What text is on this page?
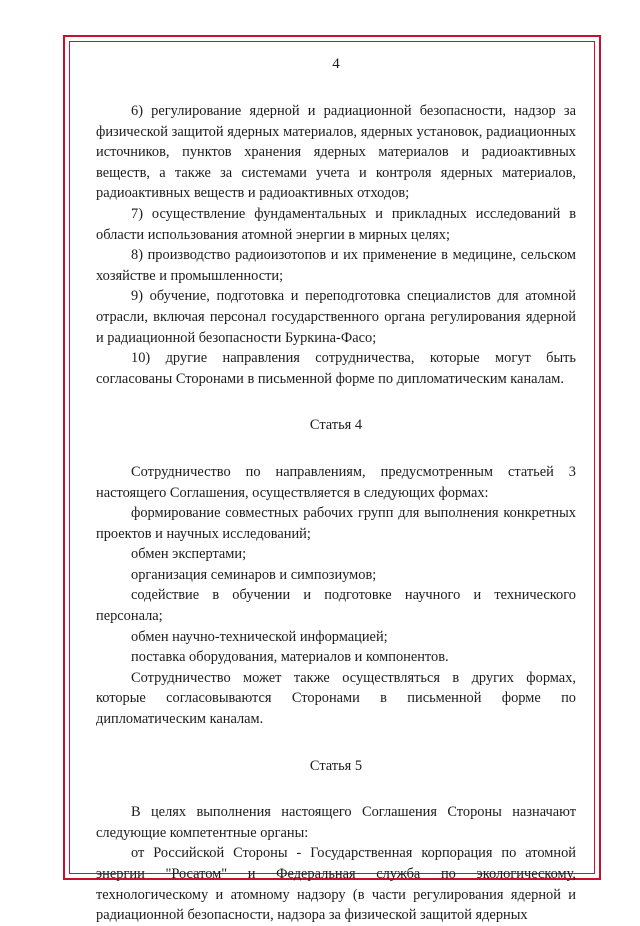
4

6) регулирование ядерной и радиационной безопасности, надзор за физической защитой ядерных материалов, ядерных установок, радиационных источников, пунктов хранения ядерных материалов и радиоактивных веществ, а также за системами учета и контроля ядерных материалов, радиоактивных веществ и радиоактивных отходов;

7) осуществление фундаментальных и прикладных исследований в области использования атомной энергии в мирных целях;

8) производство радиоизотопов и их применение в медицине, сельском хозяйстве и промышленности;

9) обучение, подготовка и переподготовка специалистов для атомной отрасли, включая персонал государственного органа регулирования ядерной и радиационной безопасности Буркина-Фасо;

10) другие направления сотрудничества, которые могут быть согласованы Сторонами в письменной форме по дипломатическим каналам.

Статья 4

Сотрудничество по направлениям, предусмотренным статьей 3 настоящего Соглашения, осуществляется в следующих формах:

формирование совместных рабочих групп для выполнения конкретных проектов и научных исследований;

обмен экспертами;

организация семинаров и симпозиумов;

содействие в обучении и подготовке научного и технического персонала;

обмен научно-технической информацией;

поставка оборудования, материалов и компонентов.

Сотрудничество может также осуществляться в других формах, которые согласовываются Сторонами в письменной форме по дипломатическим каналам.

Статья 5

В целях выполнения настоящего Соглашения Стороны назначают следующие компетентные органы:

от Российской Стороны - Государственная корпорация по атомной энергии "Росатом" и Федеральная служба по экологическому, технологическому и атомному надзору (в части регулирования ядерной и радиационной безопасности, надзора за физической защитой ядерных
